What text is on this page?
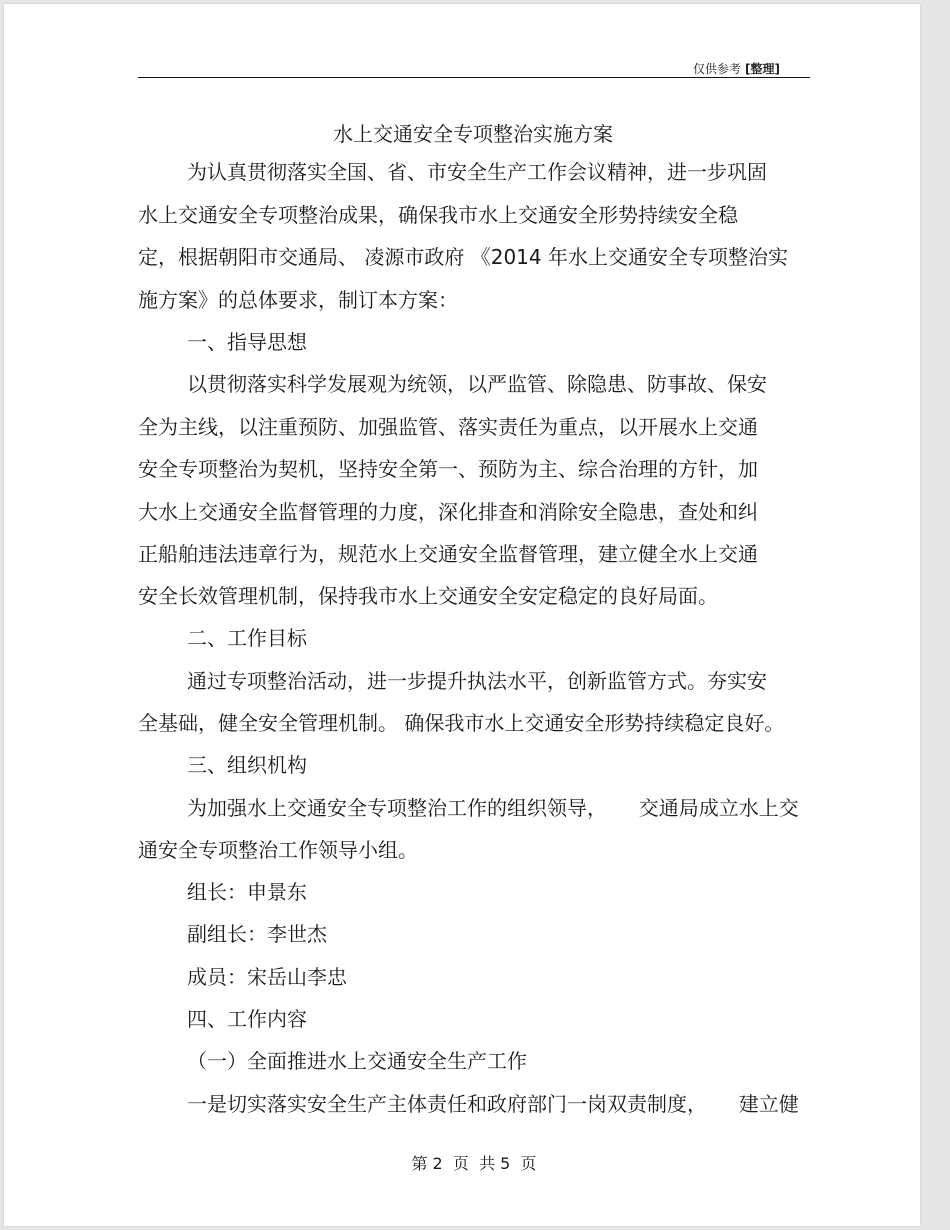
仅供参考 [整理]
水上交通安全专项整治实施方案
为认真贯彻落实全国、省、市安全生产工作会议精神，进一步巩固
水上交通安全专项整治成果，确保我市水上交通安全形势持续安全稳
定，根据朝阳市交通局、 凌源市政府 《2014 年水上交通安全专项整治实
施方案》的总体要求，制订本方案：
一、指导思想
以贯彻落实科学发展观为统领，以严监管、除隐患、防事故、保安
全为主线，以注重预防、加强监管、落实责任为重点，以开展水上交通
安全专项整治为契机，坚持安全第一、预防为主、综合治理的方针，加
大水上交通安全监督管理的力度，深化排查和消除安全隐患，查处和纠
正船舶违法违章行为，规范水上交通安全监督管理，建立健全水上交通
安全长效管理机制，保持我市水上交通安全安定稳定的良好局面。
二、工作目标
通过专项整治活动，进一步提升执法水平，创新监管方式。夯实安
全基础，健全安全管理机制。 确保我市水上交通安全形势持续稳定良好。
三、组织机构
为加强水上交通安全专项整治工作的组织领导，     交通局成立水上交
通安全专项整治工作领导小组。
组长：申景东
副组长：李世杰
成员：宋岳山李忠
四、工作内容
（一）全面推进水上交通安全生产工作
一是切实落实安全生产主体责任和政府部门一岗双责制度，     建立健
第 2  页  共 5  页
